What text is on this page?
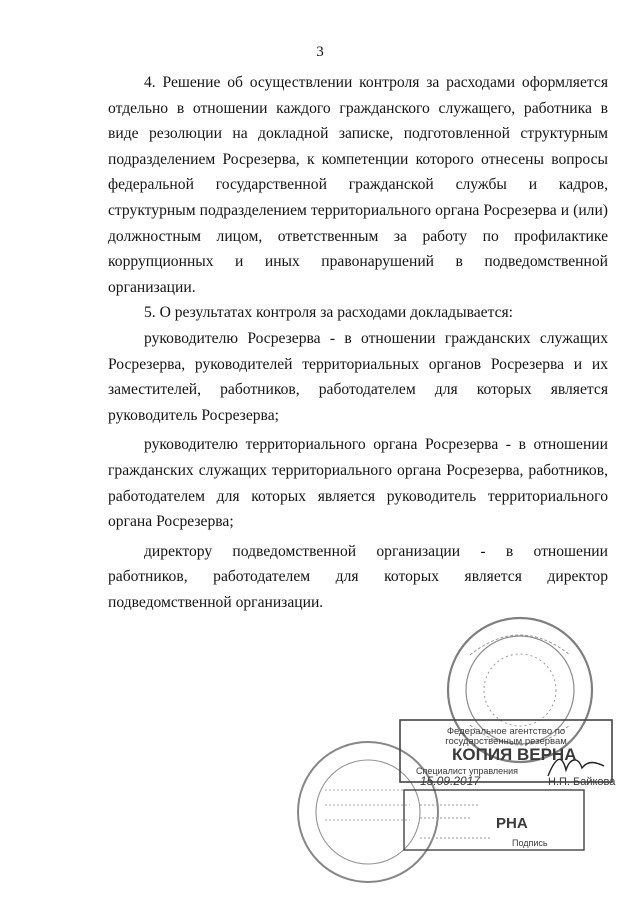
3

4. Решение об осуществлении контроля за расходами оформляется отдельно в отношении каждого гражданского служащего, работника в виде резолюции на докладной записке, подготовленной структурным подразделением Росрезерва, к компетенции которого отнесены вопросы федеральной государственной гражданской службы и кадров, структурным подразделением территориального органа Росрезерва и (или) должностным лицом, ответственным за работу по профилактике коррупционных и иных правонарушений в подведомственной организации.

5. О результатах контроля за расходами докладывается:

руководителю Росрезерва - в отношении гражданских служащих Росрезерва, руководителей территориальных органов Росрезерва и их заместителей, работников, работодателем для которых является руководитель Росрезерва;

руководителю территориального органа Росрезерва - в отношении гражданских служащих территориального органа Росрезерва, работников, работодателем для которых является руководитель территориального органа Росрезерва;

директору подведомственной организации - в отношении работников, работодателем для которых является директор подведомственной организации.

Федеральное агентство по
государственным резервам
КОПИЯ ВЕРНА
Специалист управления
15.09.2017	Н.П. Байкова
РНА
Подпись
